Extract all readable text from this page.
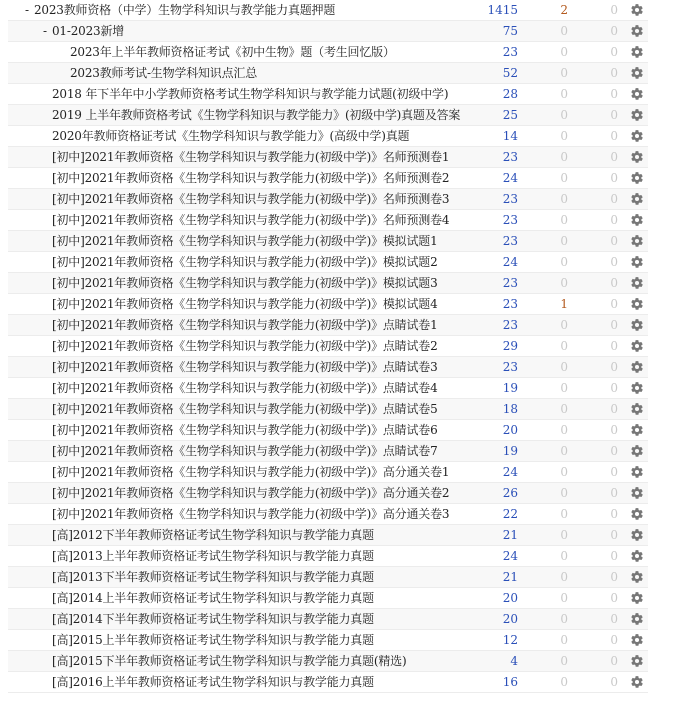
- 2023教师资格（中学）生物学科知识与教学能力真题押题	1415	2	0
- 01-2023新增	75	0	0
2023年上半年教师资格证考试《初中生物》题（考生回忆版）	23	0	0
2023教师考试-生物学科知识点汇总	52	0	0
2018 年下半年中小学教师资格考试生物学科知识与教学能力试题(初级中学)	28	0	0
2019 上半年教师资格考试《生物学科知识与教学能力》(初级中学)真题及答案	25	0	0
2020年教师资格证考试《生物学科知识与教学能力》(高级中学)真题	14	0	0
[初中]2021年教师资格《生物学科知识与教学能力(初级中学)》名师预测卷1	23	0	0
[初中]2021年教师资格《生物学科知识与教学能力(初级中学)》名师预测卷2	24	0	0
[初中]2021年教师资格《生物学科知识与教学能力(初级中学)》名师预测卷3	23	0	0
[初中]2021年教师资格《生物学科知识与教学能力(初级中学)》名师预测卷4	23	0	0
[初中]2021年教师资格《生物学科知识与教学能力(初级中学)》模拟试题1	23	0	0
[初中]2021年教师资格《生物学科知识与教学能力(初级中学)》模拟试题2	24	0	0
[初中]2021年教师资格《生物学科知识与教学能力(初级中学)》模拟试题3	23	0	0
[初中]2021年教师资格《生物学科知识与教学能力(初级中学)》模拟试题4	23	1	0
[初中]2021年教师资格《生物学科知识与教学能力(初级中学)》点睛试卷1	23	0	0
[初中]2021年教师资格《生物学科知识与教学能力(初级中学)》点睛试卷2	29	0	0
[初中]2021年教师资格《生物学科知识与教学能力(初级中学)》点睛试卷3	23	0	0
[初中]2021年教师资格《生物学科知识与教学能力(初级中学)》点睛试卷4	19	0	0
[初中]2021年教师资格《生物学科知识与教学能力(初级中学)》点睛试卷5	18	0	0
[初中]2021年教师资格《生物学科知识与教学能力(初级中学)》点睛试卷6	20	0	0
[初中]2021年教师资格《生物学科知识与教学能力(初级中学)》点睛试卷7	19	0	0
[初中]2021年教师资格《生物学科知识与教学能力(初级中学)》高分通关卷1	24	0	0
[初中]2021年教师资格《生物学科知识与教学能力(初级中学)》高分通关卷2	26	0	0
[初中]2021年教师资格《生物学科知识与教学能力(初级中学)》高分通关卷3	22	0	0
[高]2012下半年教师资格证考试生物学科知识与教学能力真题	21	0	0
[高]2013上半年教师资格证考试生物学科知识与教学能力真题	24	0	0
[高]2013下半年教师资格证考试生物学科知识与教学能力真题	21	0	0
[高]2014上半年教师资格证考试生物学科知识与教学能力真题	20	0	0
[高]2014下半年教师资格证考试生物学科知识与教学能力真题	20	0	0
[高]2015上半年教师资格证考试生物学科知识与教学能力真题	12	0	0
[高]2015下半年教师资格证考试生物学科知识与教学能力真题(精选)	4	0	0
[高]2016上半年教师资格证考试生物学科知识与教学能力真题	16	0	0
